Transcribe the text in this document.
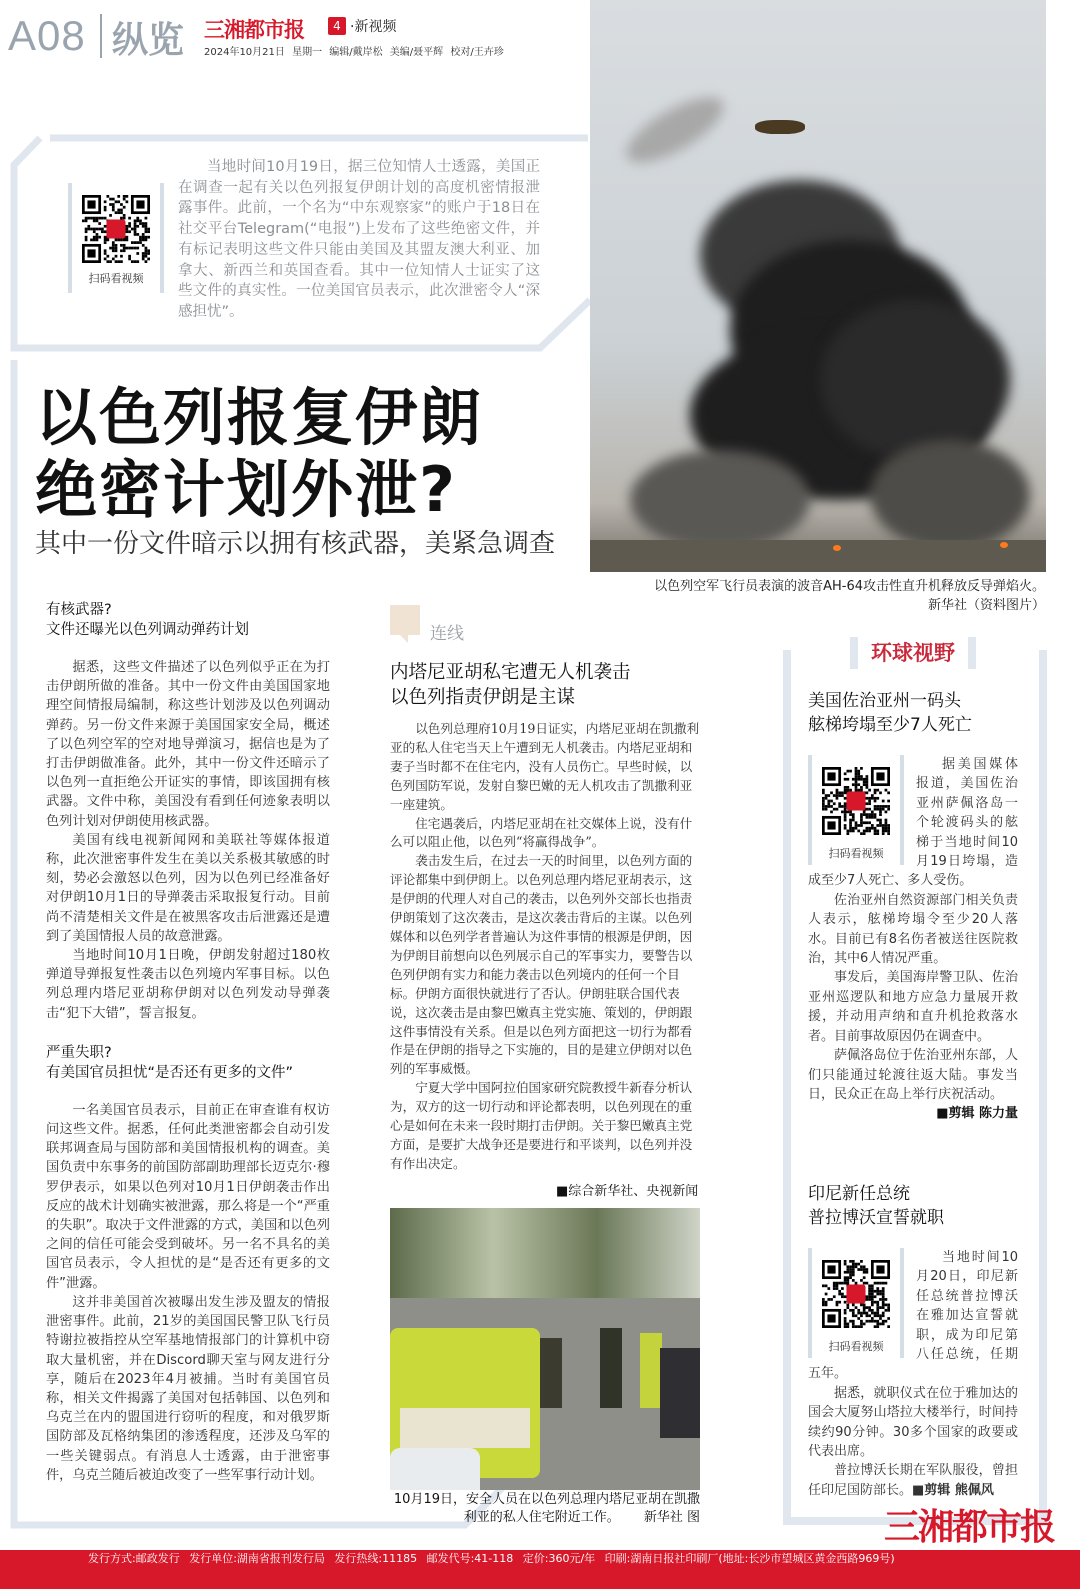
A08 纵览 三湘都市报	4 ·新视频
2024年10月21日 星期一 编辑/戴岸松 美编/聂平辉 校对/王卉珍
扫码看视频
当地时间10月19日，据三位知情人士透露，美国正在调查一起有关以色列报复伊朗计划的高度机密情报泄露事件。此前，一个名为“中东观察家”的账户于18日在社交平台Telegram(“电报”)上发布了这些绝密文件，并有标记表明这些文件只能由美国及其盟友澳大利亚、加拿大、新西兰和英国查看。其中一位知情人士证实了这些文件的真实性。一位美国官员表示，此次泄密令人“深感担忧”。
以色列空军飞行员表演的波音AH-64攻击性直升机释放反导弹焰火。
新华社（资料图片）
以色列报复伊朗
绝密计划外泄?
其中一份文件暗示以拥有核武器，美紧急调查
有核武器?
文件还曝光以色列调动弹药计划

据悉，这些文件描述了以色列似乎正在为打击伊朗所做的准备。其中一份文件由美国国家地理空间情报局编制，称这些计划涉及以色列调动弹药。另一份文件来源于美国国家安全局，概述了以色列空军的空对地导弹演习，据信也是为了打击伊朗做准备。此外，其中一份文件还暗示了以色列一直拒绝公开证实的事情，即该国拥有核武器。文件中称，美国没有看到任何迹象表明以色列计划对伊朗使用核武器。

美国有线电视新闻网和美联社等媒体报道称，此次泄密事件发生在美以关系极其敏感的时刻，势必会激怒以色列，因为以色列已经准备好对伊朗10月1日的导弹袭击采取报复行动。目前尚不清楚相关文件是在被黑客攻击后泄露还是遭到了美国情报人员的故意泄露。

当地时间10月1日晚，伊朗发射超过180枚弹道导弹报复性袭击以色列境内军事目标。以色列总理内塔尼亚胡称伊朗对以色列发动导弹袭击“犯下大错”，誓言报复。

严重失职?
有美国官员担忧“是否还有更多的文件”

一名美国官员表示，目前正在审查谁有权访问这些文件。据悉，任何此类泄密都会自动引发联邦调查局与国防部和美国情报机构的调查。美国负责中东事务的前国防部副助理部长迈克尔·穆罗伊表示，如果以色列对10月1日伊朗袭击作出反应的战术计划确实被泄露，那么将是一个“严重的失职”。取决于文件泄露的方式，美国和以色列之间的信任可能会受到破坏。另一名不具名的美国官员表示，令人担忧的是“是否还有更多的文件”泄露。

这并非美国首次被曝出发生涉及盟友的情报泄密事件。此前，21岁的美国国民警卫队飞行员特谢拉被指控从空军基地情报部门的计算机中窃取大量机密，并在Discord聊天室与网友进行分享，随后在2023年4月被捕。当时有美国官员称，相关文件揭露了美国对包括韩国、以色列和乌克兰在内的盟国进行窃听的程度，和对俄罗斯国防部及瓦格纳集团的渗透程度，还涉及乌军的一些关键弱点。有消息人士透露，由于泄密事件，乌克兰随后被迫改变了一些军事行动计划。

连线
内塔尼亚胡私宅遭无人机袭击
以色列指责伊朗是主谋

以色列总理府10月19日证实，内塔尼亚胡在凯撒利亚的私人住宅当天上午遭到无人机袭击。内塔尼亚胡和妻子当时都不在住宅内，没有人员伤亡。早些时候，以色列国防军说，发射自黎巴嫩的无人机攻击了凯撒利亚一座建筑。

住宅遇袭后，内塔尼亚胡在社交媒体上说，没有什么可以阻止他，以色列“将赢得战争”。

袭击发生后，在过去一天的时间里，以色列方面的评论都集中到伊朗上。以色列总理内塔尼亚胡表示，这是伊朗的代理人对自己的袭击，以色列外交部长也指责伊朗策划了这次袭击，是这次袭击背后的主谋。以色列媒体和以色列学者普遍认为这件事情的根源是伊朗，因为伊朗目前想向以色列展示自己的军事实力，要警告以色列伊朗有实力和能力袭击以色列境内的任何一个目标。伊朗方面很快就进行了否认。伊朗驻联合国代表说，这次袭击是由黎巴嫩真主党实施、策划的，伊朗跟这件事情没有关系。但是以色列方面把这一切行为都看作是在伊朗的指导之下实施的，目的是建立伊朗对以色列的军事威慑。

宁夏大学中国阿拉伯国家研究院教授牛新春分析认为，双方的这一切行动和评论都表明，以色列现在的重心是如何在未来一段时期打击伊朗。关于黎巴嫩真主党方面，是要扩大战争还是要进行和平谈判，以色列并没有作出决定。

■综合新华社、央视新闻
10月19日，安全人员在以色列总理内塔尼亚胡在凯撒利亚的私人住宅附近工作。 新华社 图
环球视野
美国佐治亚州一码头
舷梯垮塌至少7人死亡
扫码看视频

据美国媒体报道，美国佐治亚州萨佩洛岛一个轮渡码头的舷梯于当地时间10月19日垮塌，造成至少7人死亡、多人受伤。

佐治亚州自然资源部门相关负责人表示，舷梯垮塌令至少20人落水。目前已有8名伤者被送往医院救治，其中6人情况严重。

事发后，美国海岸警卫队、佐治亚州巡逻队和地方应急力量展开救援，并动用声纳和直升机抢救落水者。目前事故原因仍在调查中。

萨佩洛岛位于佐治亚州东部，人们只能通过轮渡往返大陆。事发当日，民众正在岛上举行庆祝活动。

■剪辑 陈力量
印尼新任总统
普拉博沃宣誓就职
扫码看视频

当地时间10月20日，印尼新任总统普拉博沃在雅加达宣誓就职，成为印尼第八任总统，任期五年。

据悉，就职仪式在位于雅加达的国会大厦努山塔拉大楼举行，时间持续约90分钟。30多个国家的政要或代表出席。

普拉博沃长期在军队服役，曾担任印尼国防部长。■剪辑 熊佩风

发行方式:邮政发行 发行单位:湖南省报刊发行局 发行热线:11185 邮发代号:41-118 定价:360元/年 印刷:湖南日报社印刷厂(地址:长沙市望城区黄金西路969号)
三湘都市报
